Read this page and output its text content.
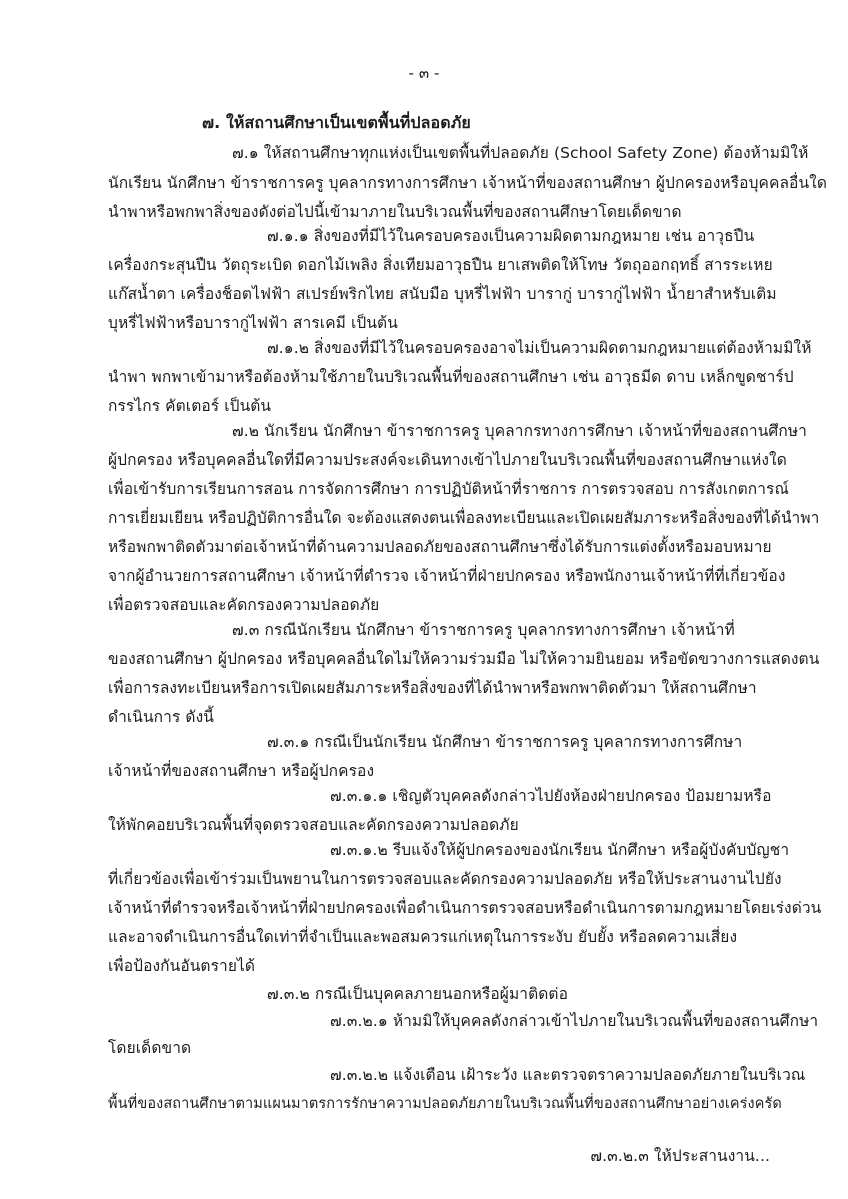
- ๓ -
๗. ให้สถานศึกษาเป็นเขตพื้นที่ปลอดภัย
๗.๑ ให้สถานศึกษาทุกแห่งเป็นเขตพื้นที่ปลอดภัย (School Safety Zone) ต้องห้ามมิให้
นักเรียน นักศึกษา ข้าราชการครู บุคลากรทางการศึกษา เจ้าหน้าที่ของสถานศึกษา ผู้ปกครองหรือบุคคลอื่นใด
นำพาหรือพกพาสิ่งของดังต่อไปนี้เข้ามาภายในบริเวณพื้นที่ของสถานศึกษาโดยเด็ดขาด
๗.๑.๑ สิ่งของที่มีไว้ในครอบครองเป็นความผิดตามกฎหมาย เช่น อาวุธปืน
เครื่องกระสุนปืน วัตถุระเบิด ดอกไม้เพลิง สิ่งเทียมอาวุธปืน ยาเสพติดให้โทษ วัตถุออกฤทธิ์ สารระเหย
แก๊สน้ำตา เครื่องช็อตไฟฟ้า สเปรย์พริกไทย สนับมือ บุหรี่ไฟฟ้า บารากู่ บารากู่ไฟฟ้า น้ำยาสำหรับเติม
บุหรี่ไฟฟ้าหรือบารากู่ไฟฟ้า สารเคมี เป็นต้น
๗.๑.๒ สิ่งของที่มีไว้ในครอบครองอาจไม่เป็นความผิดตามกฎหมายแต่ต้องห้ามมิให้
นำพา พกพาเข้ามาหรือต้องห้ามใช้ภายในบริเวณพื้นที่ของสถานศึกษา เช่น อาวุธมีด ดาบ เหล็กขูดชาร์ป
กรรไกร คัตเตอร์ เป็นต้น
๗.๒ นักเรียน นักศึกษา ข้าราชการครู บุคลากรทางการศึกษา เจ้าหน้าที่ของสถานศึกษา
ผู้ปกครอง หรือบุคคลอื่นใดที่มีความประสงค์จะเดินทางเข้าไปภายในบริเวณพื้นที่ของสถานศึกษาแห่งใด
เพื่อเข้ารับการเรียนการสอน การจัดการศึกษา การปฏิบัติหน้าที่ราชการ การตรวจสอบ การสังเกตการณ์
การเยี่ยมเยียน หรือปฏิบัติการอื่นใด จะต้องแสดงตนเพื่อลงทะเบียนและเปิดเผยสัมภาระหรือสิ่งของที่ได้นำพา
หรือพกพาติดตัวมาต่อเจ้าหน้าที่ด้านความปลอดภัยของสถานศึกษาซึ่งได้รับการแต่งตั้งหรือมอบหมาย
จากผู้อำนวยการสถานศึกษา เจ้าหน้าที่ตำรวจ เจ้าหน้าที่ฝ่ายปกครอง หรือพนักงานเจ้าหน้าที่ที่เกี่ยวข้อง
เพื่อตรวจสอบและคัดกรองความปลอดภัย
๗.๓ กรณีนักเรียน นักศึกษา ข้าราชการครู บุคลากรทางการศึกษา เจ้าหน้าที่
ของสถานศึกษา ผู้ปกครอง หรือบุคคลอื่นใดไม่ให้ความร่วมมือ ไม่ให้ความยินยอม หรือขัดขวางการแสดงตน
เพื่อการลงทะเบียนหรือการเปิดเผยสัมภาระหรือสิ่งของที่ได้นำพาหรือพกพาติดตัวมา ให้สถานศึกษา
ดำเนินการ ดังนี้
๗.๓.๑ กรณีเป็นนักเรียน นักศึกษา ข้าราชการครู บุคลากรทางการศึกษา
เจ้าหน้าที่ของสถานศึกษา หรือผู้ปกครอง
๗.๓.๑.๑ เชิญตัวบุคคลดังกล่าวไปยังห้องฝ่ายปกครอง ป้อมยามหรือ
ให้พักคอยบริเวณพื้นที่จุดตรวจสอบและคัดกรองความปลอดภัย
๗.๓.๑.๒ รีบแจ้งให้ผู้ปกครองของนักเรียน นักศึกษา หรือผู้บังคับบัญชา
ที่เกี่ยวข้องเพื่อเข้าร่วมเป็นพยานในการตรวจสอบและคัดกรองความปลอดภัย หรือให้ประสานงานไปยัง
เจ้าหน้าที่ตำรวจหรือเจ้าหน้าที่ฝ่ายปกครองเพื่อดำเนินการตรวจสอบหรือดำเนินการตามกฎหมายโดยเร่งด่วน
และอาจดำเนินการอื่นใดเท่าที่จำเป็นและพอสมควรแก่เหตุในการระงับ ยับยั้ง หรือลดความเสี่ยง
เพื่อป้องกันอันตรายได้
๗.๓.๒ กรณีเป็นบุคคลภายนอกหรือผู้มาติดต่อ
๗.๓.๒.๑ ห้ามมิให้บุคคลดังกล่าวเข้าไปภายในบริเวณพื้นที่ของสถานศึกษา
โดยเด็ดขาด
๗.๓.๒.๒ แจ้งเตือน เฝ้าระวัง และตรวจตราความปลอดภัยภายในบริเวณ
พื้นที่ของสถานศึกษาตามแผนมาตรการรักษาความปลอดภัยภายในบริเวณพื้นที่ของสถานศึกษาอย่างเคร่งครัด
๗.๓.๒.๓ ให้ประสานงาน...
